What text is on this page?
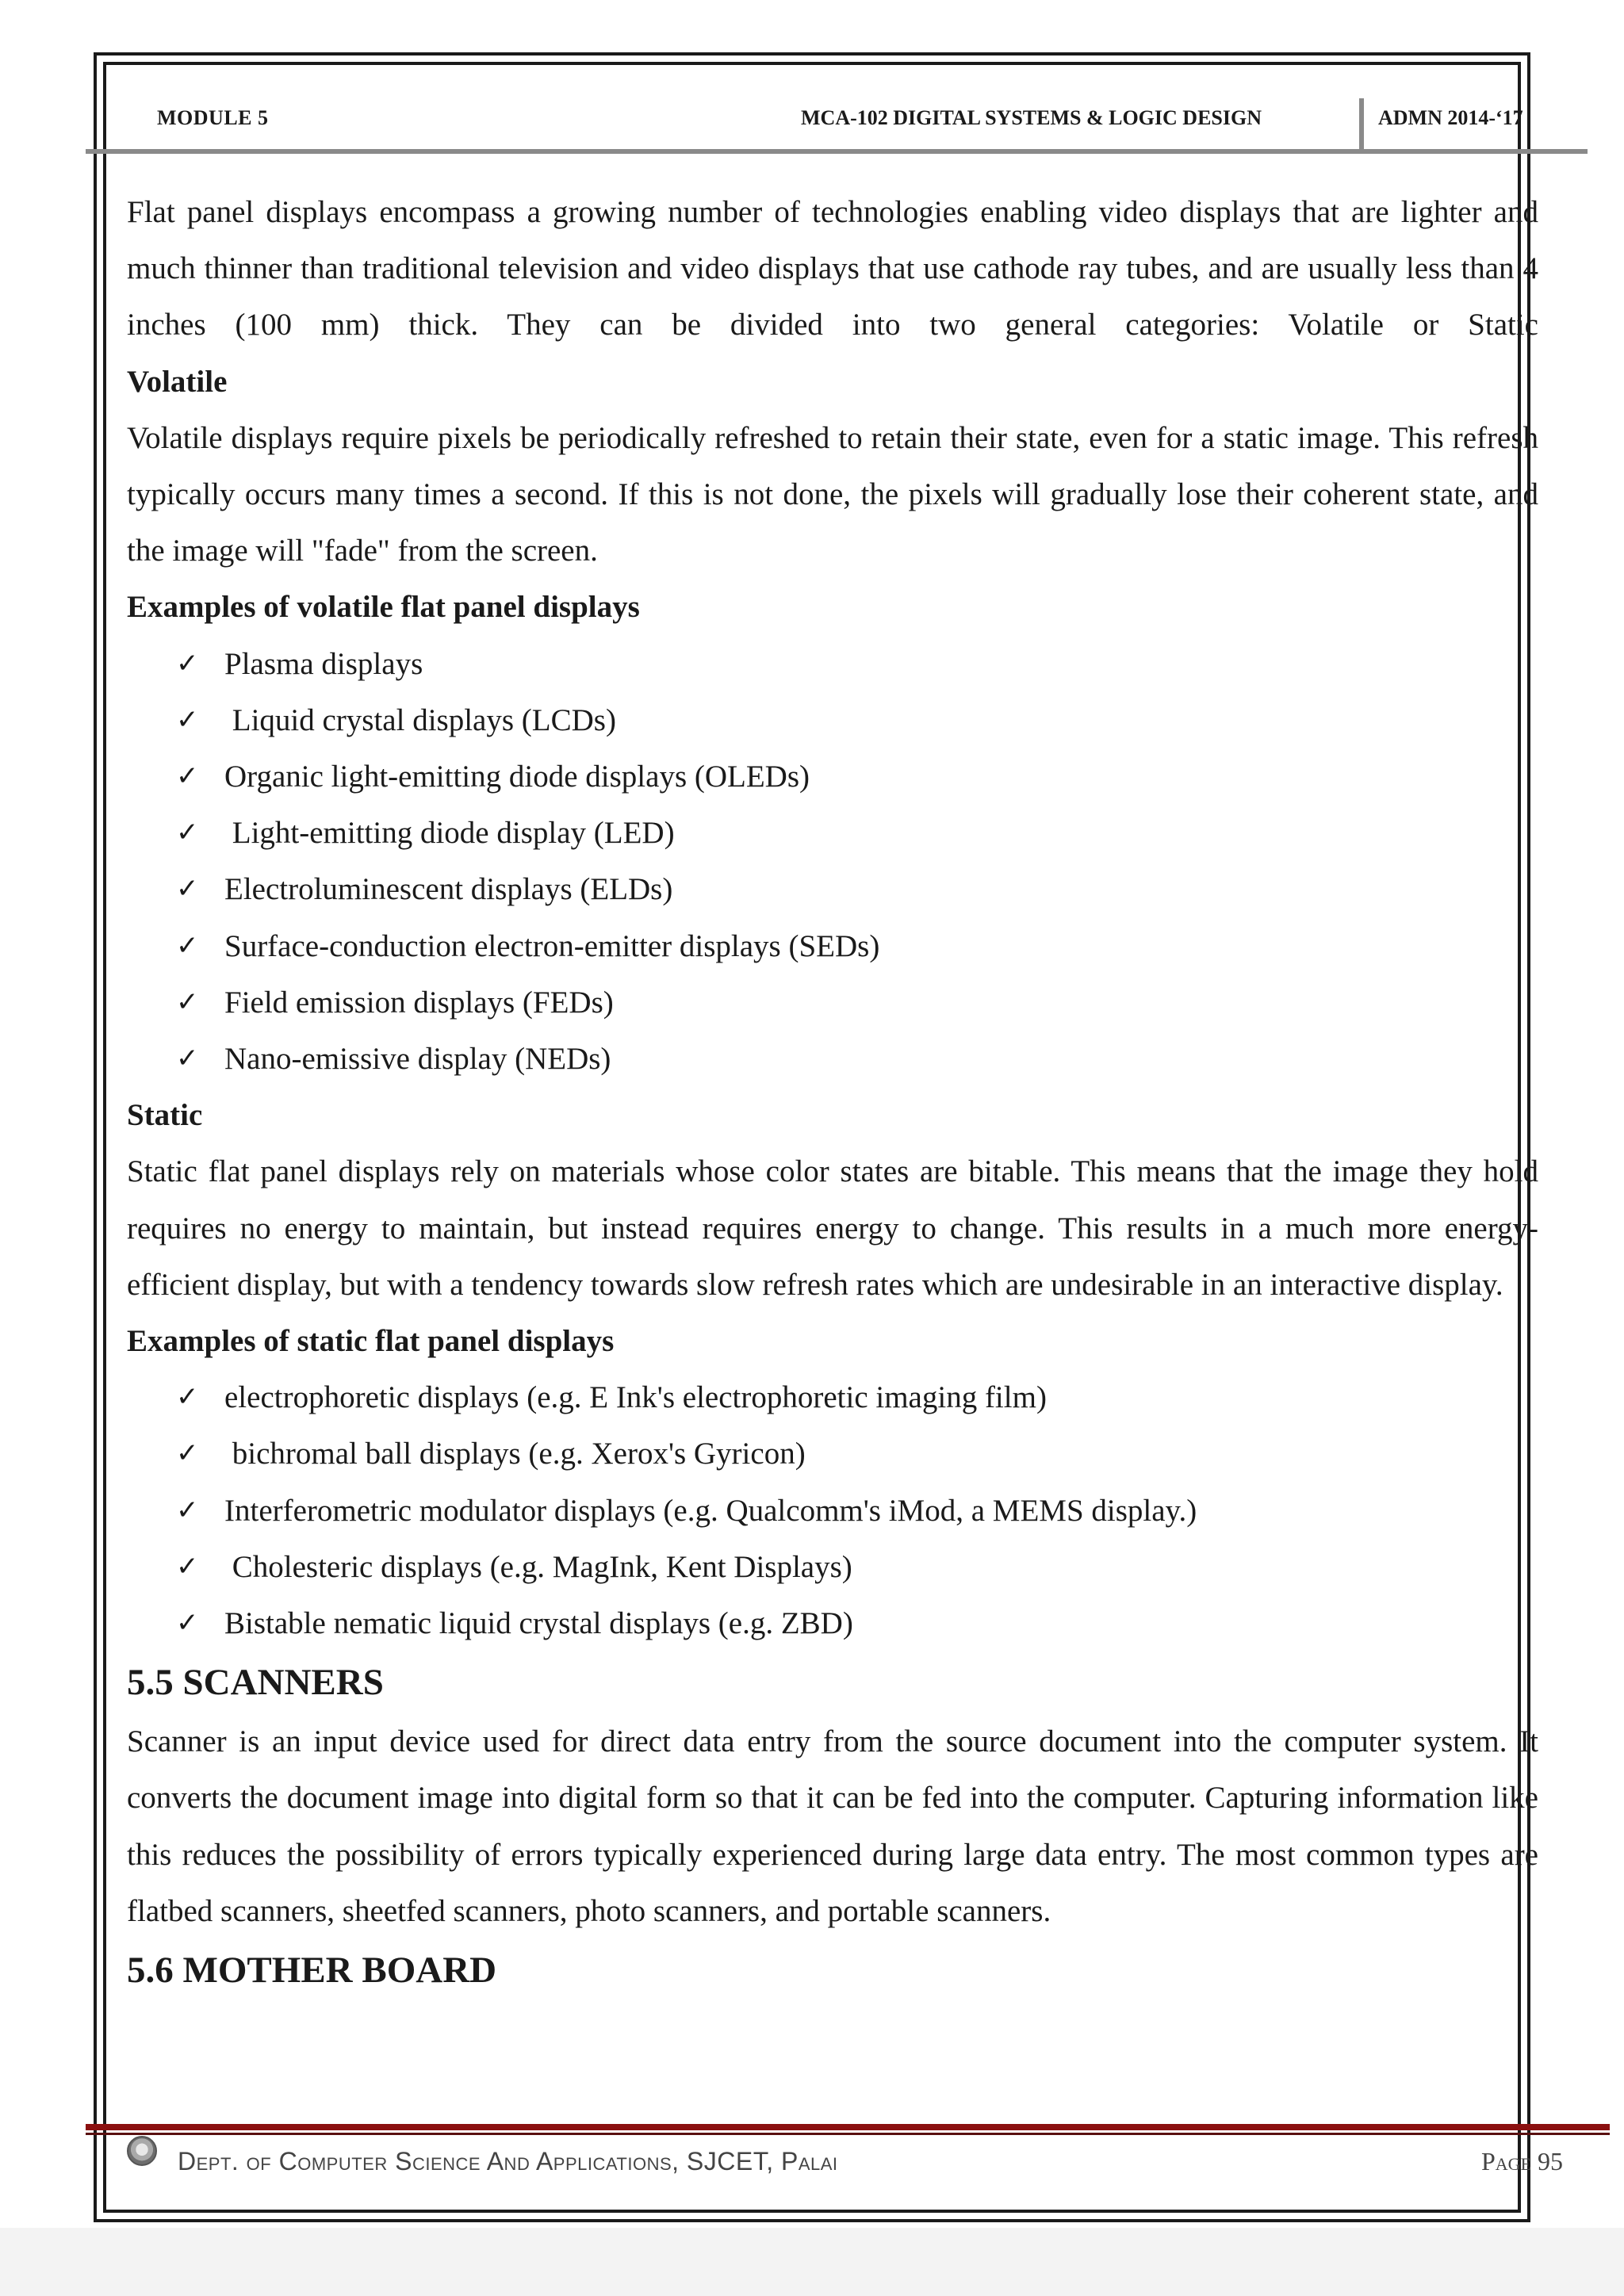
MODULE 5	MCA-102 DIGITAL SYSTEMS & LOGIC DESIGN	ADMN 2014-‘17

Flat panel displays encompass a growing number of technologies enabling video displays that are lighter and much thinner than traditional television and video displays that use cathode ray tubes, and are usually less than 4 inches (100 mm) thick. They can be divided into two general categories: Volatile or Static

Volatile

Volatile displays require pixels be periodically refreshed to retain their state, even for a static image. This refresh typically occurs many times a second. If this is not done, the pixels will gradually lose their coherent state, and the image will "fade" from the screen.

Examples of volatile flat panel displays

✓ Plasma displays
✓ Liquid crystal displays (LCDs)
✓ Organic light-emitting diode displays (OLEDs)
✓ Light-emitting diode display (LED)
✓ Electroluminescent displays (ELDs)
✓ Surface-conduction electron-emitter displays (SEDs)
✓ Field emission displays (FEDs)
✓ Nano-emissive display (NEDs)

Static

Static flat panel displays rely on materials whose color states are bitable. This means that the image they hold requires no energy to maintain, but instead requires energy to change. This results in a much more energy-efficient display, but with a tendency towards slow refresh rates which are undesirable in an interactive display.

Examples of static flat panel displays

✓ electrophoretic displays (e.g. E Ink's electrophoretic imaging film)
✓ bichromal ball displays (e.g. Xerox's Gyricon)
✓ Interferometric modulator displays (e.g. Qualcomm's iMod, a MEMS display.)
✓ Cholesteric displays (e.g. MagInk, Kent Displays)
✓ Bistable nematic liquid crystal displays (e.g. ZBD)
5.5 SCANNERS

Scanner is an input device used for direct data entry from the source document into the computer system. It converts the document image into digital form so that it can be fed into the computer. Capturing information like this reduces the possibility of errors typically experienced during large data entry. The most common types are flatbed scanners, sheetfed scanners, photo scanners, and portable scanners.

5.6 MOTHER BOARD
Dept. of Computer Science And Applications, SJCET, Palai	Page 95
